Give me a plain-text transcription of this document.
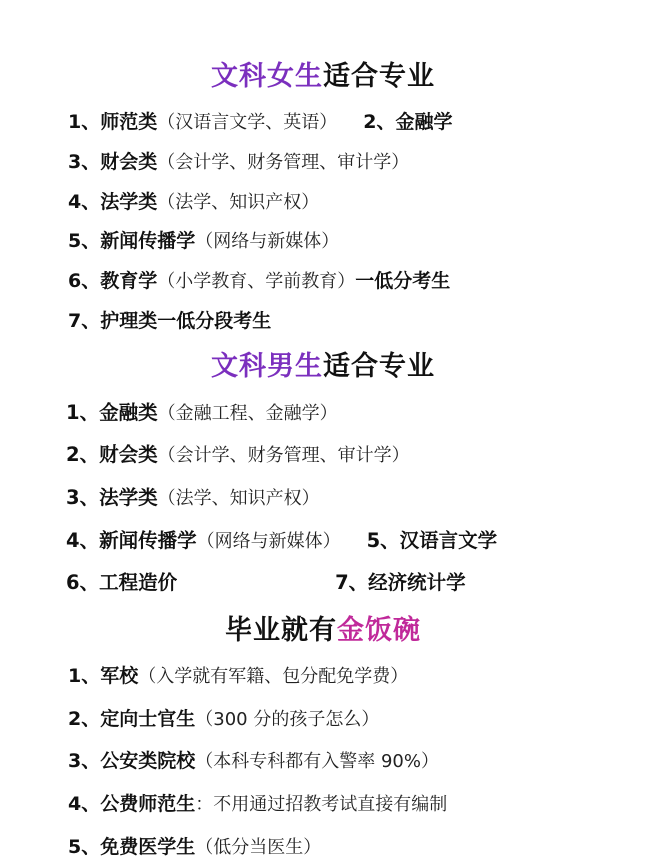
文科女生适合专业
1、师范类（汉语言文学、英语） 2、金融学
3、财会类（会计学、财务管理、审计学）
4、法学类（法学、知识产权）
5、新闻传播学（网络与新媒体）
6、教育学（小学教育、学前教育）一低分考生
7、护理类一低分段考生
文科男生适合专业
1、金融类（金融工程、金融学）
2、财会类（会计学、财务管理、审计学）
3、法学类（法学、知识产权）
4、新闻传播学（网络与新媒体） 5、汉语言文学
6、工程造价	7、经济统计学
毕业就有金饭碗
1、军校（入学就有军籍、包分配免学费）
2、定向士官生（300 分的孩子怎么）
3、公安类院校（本科专科都有入警率 90%）
4、公费师范生：不用通过招教考试直接有编制
5、免费医学生（低分当医生）
